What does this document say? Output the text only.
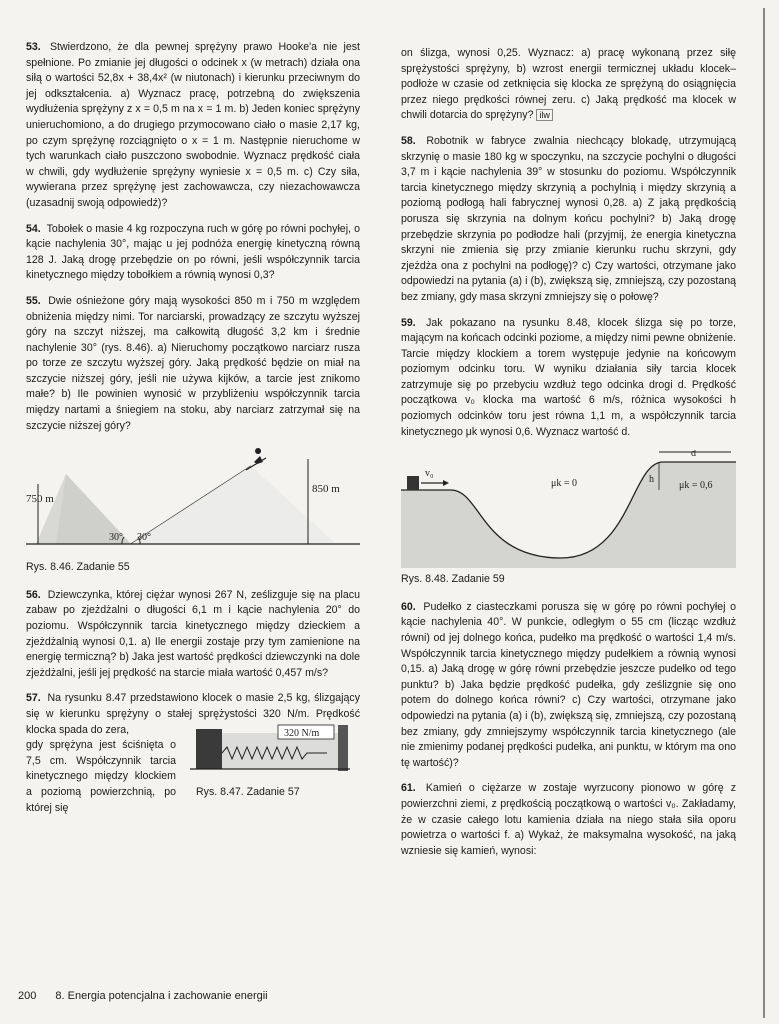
53. Stwierdzono, że dla pewnej sprężyny prawo Hooke'a nie jest spełnione. Po zmianie jej długości o odcinek x (w metrach) działa ona siłą o wartości 52,8x + 38,4x² (w niutonach) i kierunku przeciwnym do jej odkształcenia. a) Wyznacz pracę, potrzebną do zwiększenia wydłużenia sprężyny z x = 0,5 m na x = 1 m. b) Jeden koniec sprężyny unieruchomiono, a do drugiego przymocowano ciało o masie 2,17 kg, po czym sprężynę rozciągnięto o x = 1 m. Następnie nieruchome w tych warunkach ciało puszczono swobodnie. Wyznacz prędkość ciała w chwili, gdy wydłużenie sprężyny wyniesie x = 0,5 m. c) Czy siła, wywierana przez sprężynę jest zachowawcza, czy niezachowawcza (uzasadnij swoją odpowiedź)?
54. Tobołek o masie 4 kg rozpoczyna ruch w górę po równi pochyłej, o kącie nachylenia 30°, mając u jej podnóża energię kinetyczną równą 128 J. Jaką drogę przebędzie on po równi, jeśli współczynnik tarcia kinetycznego między tobołkiem a równią wynosi 0,3?
55. Dwie ośnieżone góry mają wysokości 850 m i 750 m względem obniżenia między nimi. Tor narciarski, prowadzący ze szczytu wyższej góry na szczyt niższej, ma całkowitą długość 3,2 km i średnie nachylenie 30° (rys. 8.46). a) Nieruchomy początkowo narciarz rusza po torze ze szczytu wyższej góry. Jaką prędkość będzie on miał na szczycie niższej góry, jeśli nie używa kijków, a tarcie jest znikomo małe? b) Ile powinien wynosić w przybliżeniu współczynnik tarcia między nartami a śniegiem na stoku, aby narciarz zatrzymał się na szczycie niższej góry?
750 m
850 m
30° 30°
Rys. 8.46. Zadanie 55
56. Dziewczynka, której ciężar wynosi 267 N, ześlizguje się na placu zabaw po zjeżdżalni o długości 6,1 m i kącie nachylenia 20° do poziomu. Współczynnik tarcia kinetycznego między dzieckiem a zjeżdżalnią wynosi 0,1. a) Ile energii zostaje przy tym zamienione na energię termiczną? b) Jaka jest wartość prędkości dziewczynki na dole zjeżdżalni, jeśli jej prędkość na starcie miała wartość 0,457 m/s?

57. Na rysunku 8.47 przedstawiono klocek o masie 2,5 kg, ślizgający się w kierunku sprężyny o stałej sprężystości 320 N/m. Prędkość klocka spada do zera,

gdy sprężyna jest ściśnięta o 7,5 cm. Współczynnik tarcia kinetycznego między klockiem a poziomą powierzchnią, po której się

320 N/m
Rys. 8.47. Zadanie 57
on ślizga, wynosi 0,25. Wyznacz: a) pracę wykonaną przez siłę sprężystości sprężyny, b) wzrost energii termicznej układu klocek–podłoże w czasie od zetknięcia się klocka ze sprężyną do osiągnięcia przez niego prędkości równej zeru. c) Jaką prędkość ma klocek w chwili dotarcia do sprężyny? ilw
58. Robotnik w fabryce zwalnia niechcący blokadę, utrzymującą skrzynię o masie 180 kg w spoczynku, na szczycie pochylni o długości 3,7 m i kącie nachylenia 39° w stosunku do poziomu. Współczynnik tarcia kinetycznego między skrzynią a pochylnią i między skrzynią a poziomą podłogą hali fabrycznej wynosi 0,28. a) Z jaką prędkością porusza się skrzynia na dolnym końcu pochylni? b) Jaką drogę przebędzie skrzynia po podłodze hali (przyjmij, że energia kinetyczna skrzyni nie zmienia się przy zmianie kierunku ruchu skrzyni, gdy zjeżdża ona z pochylni na podłogę)? c) Czy wartości, otrzymane jako odpowiedzi na pytania (a) i (b), zwiększą się, zmniejszą, czy pozostaną bez zmiany, gdy masa skrzyni zmniejszy się o połowę?
59. Jak pokazano na rysunku 8.48, klocek ślizga się po torze, mającym na końcach odcinki poziome, a między nimi pewne obniżenie. Tarcie między klockiem a torem występuje jedynie na końcowym poziomym odcinku toru. W wyniku działania siły tarcia klocek zatrzymuje się po przebyciu wzdłuż tego odcinka drogi d. Prędkość początkowa v₀ klocka ma wartość 6 m/s, różnica wysokości h poziomych odcinków toru jest równa 1,1 m, a współczynnik tarcia kinetycznego μk wynosi 0,6. Wyznacz wartość d.
v₀
μk = 0
d
h
μk = 0,6
Rys. 8.48. Zadanie 59
60. Pudełko z ciasteczkami porusza się w górę po równi pochyłej o kącie nachylenia 40°. W punkcie, odległym o 55 cm (licząc wzdłuż równi) od jej dolnego końca, pudełko ma prędkość o wartości 1,4 m/s. Współczynnik tarcia kinetycznego między pudełkiem a równią wynosi 0,15. a) Jaką drogę w górę równi przebędzie jeszcze pudełko od tego punktu? b) Jaka będzie prędkość pudełka, gdy ześlizgnie się ono potem do dolnego końca równi? c) Czy wartości, otrzymane jako odpowiedzi na pytania (a) i (b), zwiększą się, zmniejszą, czy pozostaną bez zmiany, gdy zmniejszymy współczynnik tarcia kinetycznego (ale nie zmienimy podanej prędkości pudełka, ani punktu, w którym ma ono tę wartość)?
61. Kamień o ciężarze w zostaje wyrzucony pionowo w górę z powierzchni ziemi, z prędkością początkową o wartości v₀. Zakładamy, że w czasie całego lotu kamienia działa na niego stała siła oporu powietrza o wartości f. a) Wykaż, że maksymalna wysokość, na jaką wzniesie się kamień, wynosi:
200 8. Energia potencjalna i zachowanie energii
